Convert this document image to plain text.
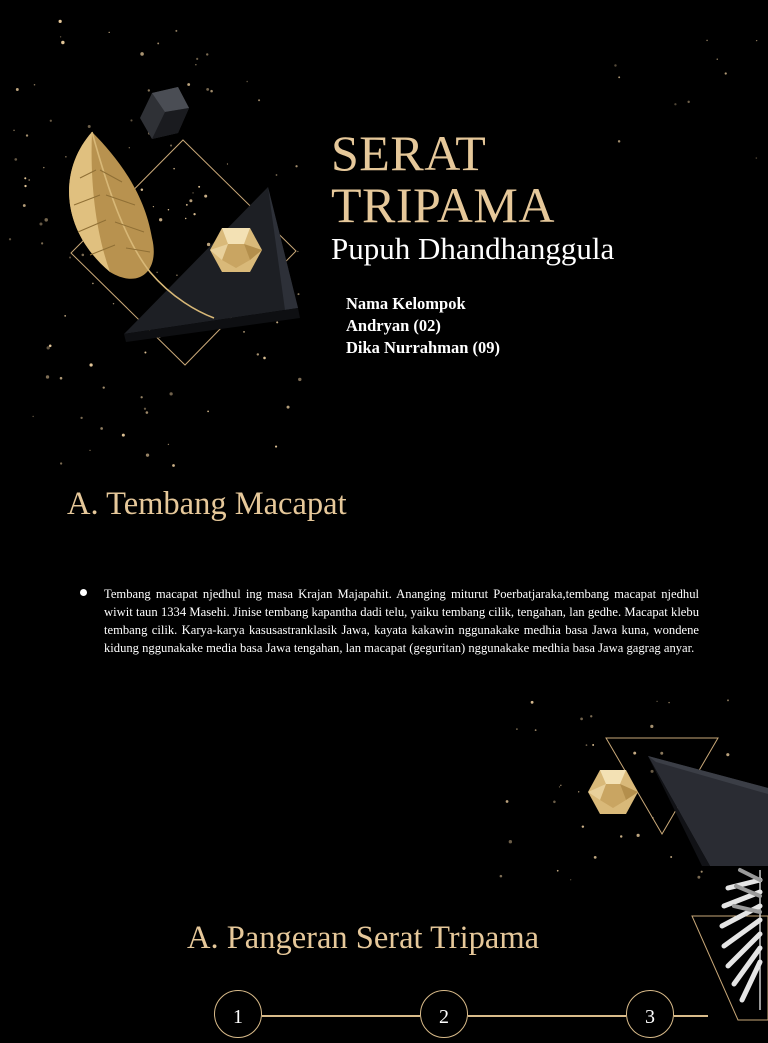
SERAT
TRIPAMA
Pupuh Dhandhanggula
Nama Kelompok
Andryan (02)
Dika Nurrahman (09)
A. Tembang Macapat
Tembang macapat njedhul ing masa Krajan Majapahit. Ananging miturut Poerbatjaraka,tembang macapat njedhul wiwit taun 1334 Masehi. Jinise tembang kapantha dadi telu, yaiku tembang cilik, tengahan, lan gedhe. Macapat klebu tembang cilik. Karya-karya kasusastranklasik Jawa, kayata kakawin nggunakake medhia basa Jawa kuna, wondene kidung nggunakake media basa Jawa tengahan, lan macapat (geguritan) nggunakake medhia basa Jawa gagrag anyar.
A. Pangeran Serat Tripama
1	2	3
